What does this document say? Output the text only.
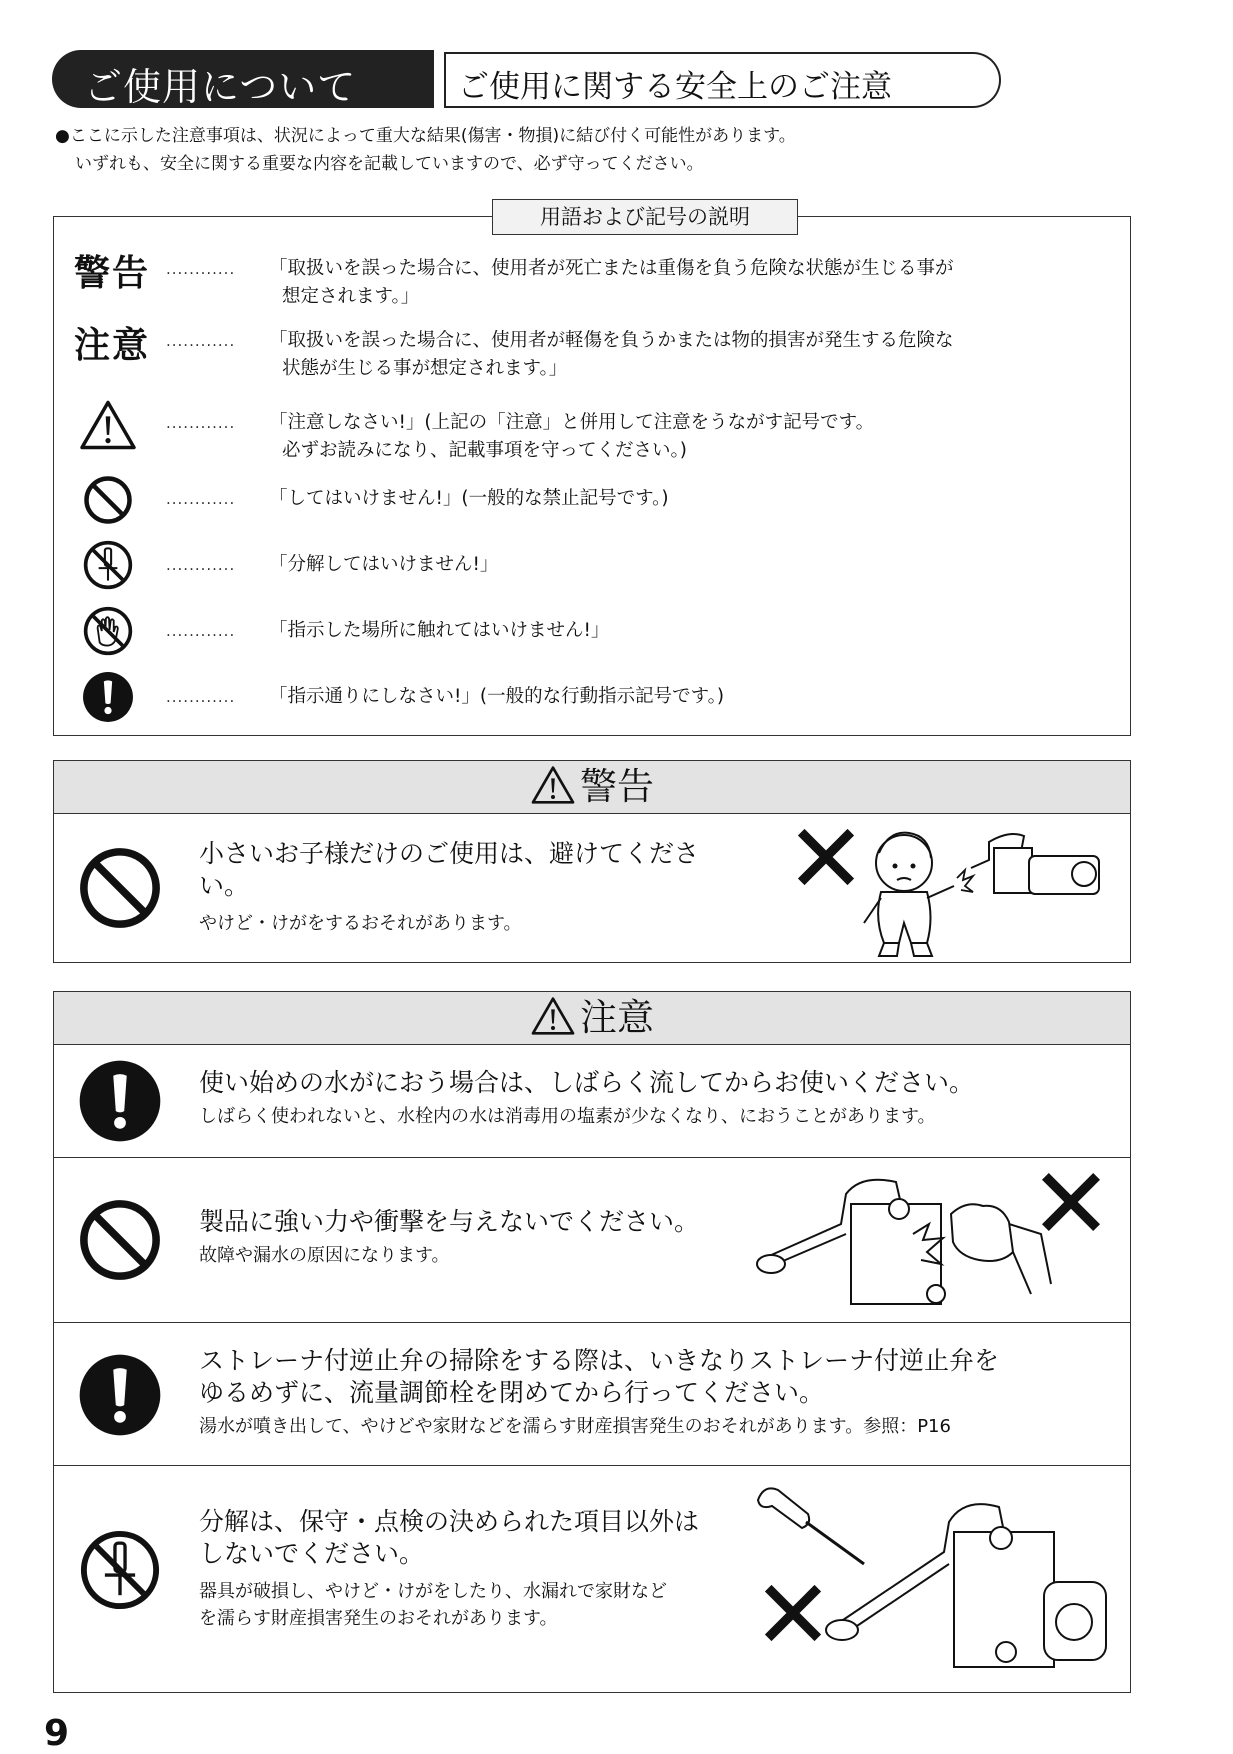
ご使用について	ご使用に関する安全上のご注意
●ここに示した注意事項は、状況によって重大な結果(傷害・物損)に結び付く可能性があります。
いずれも、安全に関する重要な内容を記載していますので、必ず守ってください。
用語および記号の説明
警告 ............ 「取扱いを誤った場合に、使用者が死亡または重傷を負う危険な状態が生じる事が
想定されます。」
注意 ............ 「取扱いを誤った場合に、使用者が軽傷を負うかまたは物的損害が発生する危険な
状態が生じる事が想定されます。」
............ 「注意しなさい!」(上記の「注意」と併用して注意をうながす記号です。
必ずお読みになり、記載事項を守ってください。)
............ 「してはいけません!」(一般的な禁止記号です。)
............ 「分解してはいけません!」
............ 「指示した場所に触れてはいけません!」
............ 「指示通りにしなさい!」(一般的な行動指示記号です。)
警告
小さいお子様だけのご使用は、避けてくださ
い。
やけど・けがをするおそれがあります。
注意
使い始めの水がにおう場合は、しばらく流してからお使いください。
しばらく使われないと、水栓内の水は消毒用の塩素が少なくなり、におうことがあります。
製品に強い力や衝撃を与えないでください。
故障や漏水の原因になります。
ストレーナ付逆止弁の掃除をする際は、いきなりストレーナ付逆止弁を
ゆるめずに、流量調節栓を閉めてから行ってください。
湯水が噴き出して、やけどや家財などを濡らす財産損害発生のおそれがあります。参照：P16
分解は、保守・点検の決められた項目以外は
しないでください。
器具が破損し、やけど・けがをしたり、水漏れで家財など
を濡らす財産損害発生のおそれがあります。
9
